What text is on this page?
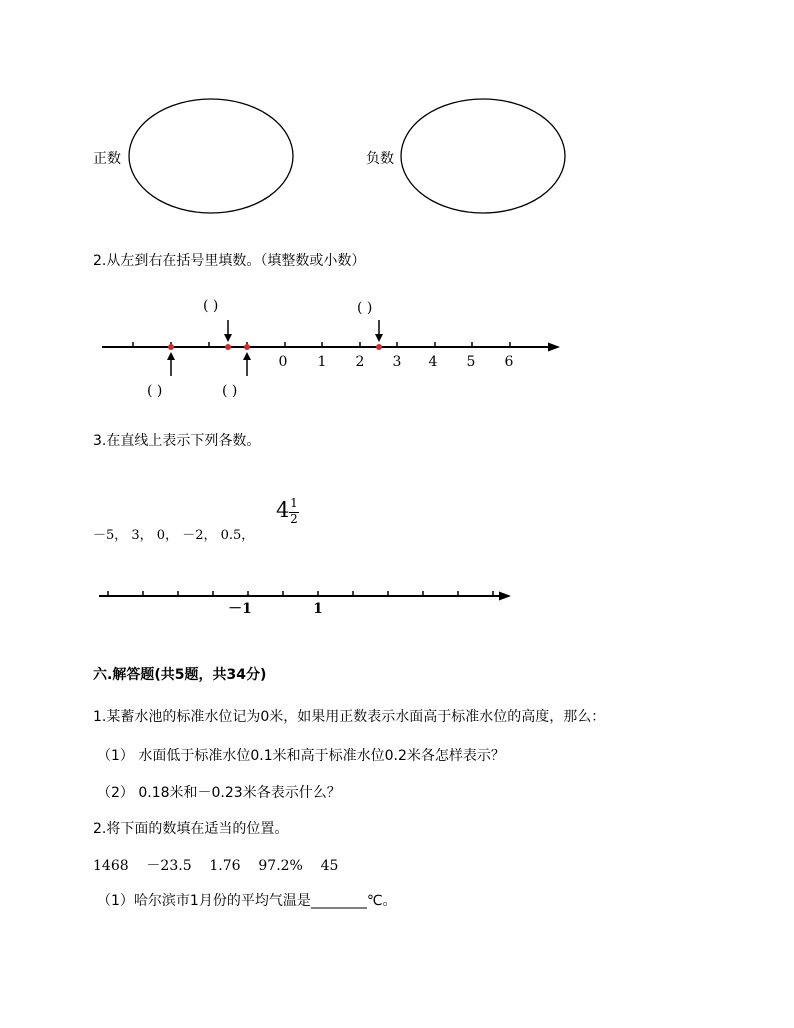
正数	负数
2.从左到右在括号里填数。（填整数或小数）
( )	( )
( )	( )
0 1 2 3 4 5 6
3.在直线上表示下列各数。
－5， 3， 0， －2， 0.5，
4 1
2
－1	1
六.解答题(共5题，共34分)
1.某蓄水池的标准水位记为0米，如果用正数表示水面高于标准水位的高度，那么：
（1） 水面低于标准水位0.1米和高于标准水位0.2米各怎样表示？
（2） 0.18米和－0.23米各表示什么？
2.将下面的数填在适当的位置。
1468    －23.5    1.76    97.2%    45
（1）哈尔滨市1月份的平均气温是________℃。
